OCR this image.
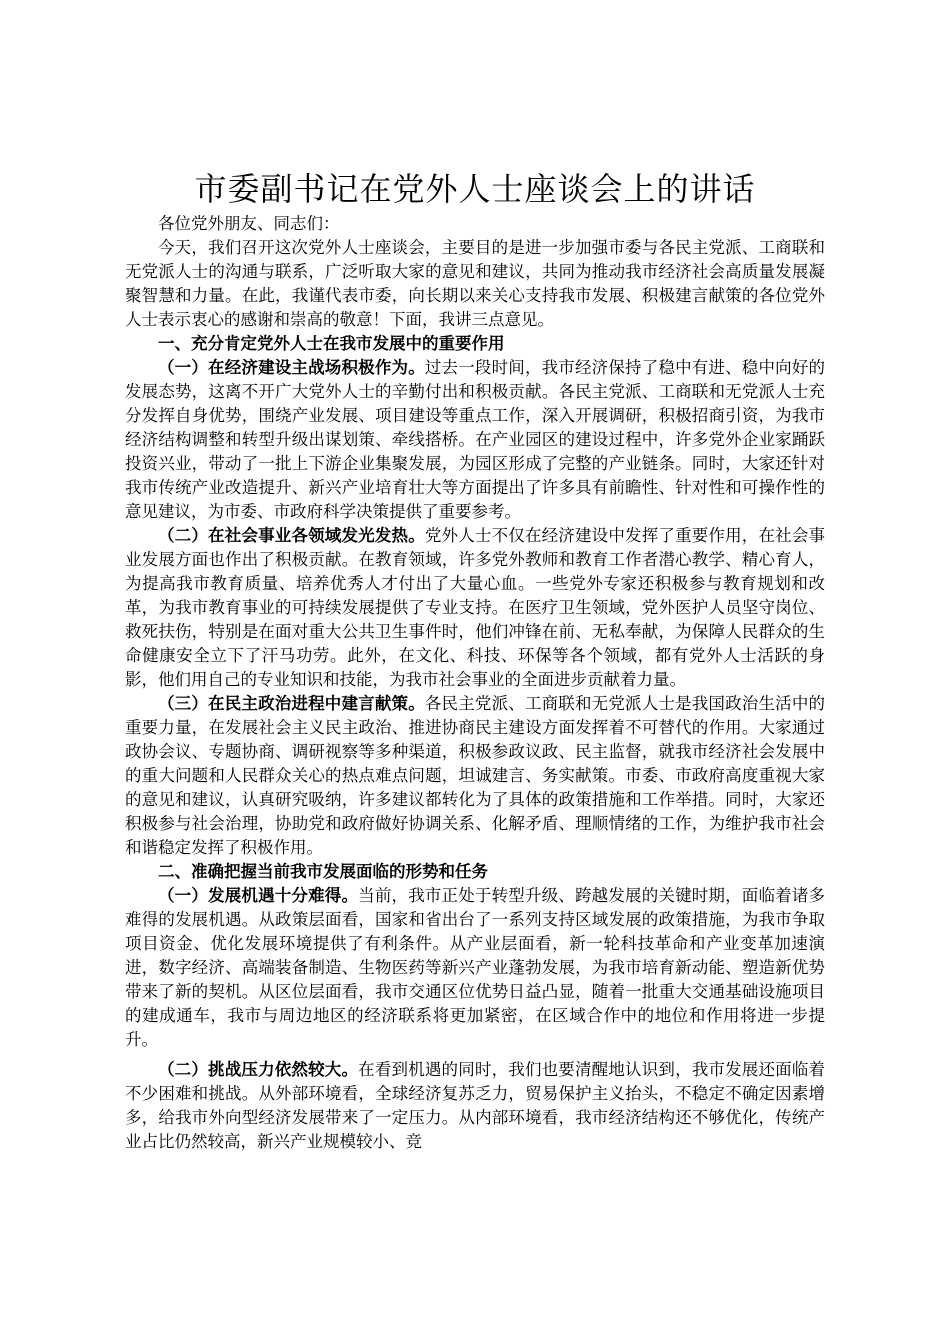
市委副书记在党外人士座谈会上的讲话

各位党外朋友、同志们：

今天，我们召开这次党外人士座谈会，主要目的是进一步加强市委与各民主党派、工商联和无党派人士的沟通与联系，广泛听取大家的意见和建议，共同为推动我市经济社会高质量发展凝聚智慧和力量。在此，我谨代表市委，向长期以来关心支持我市发展、积极建言献策的各位党外人士表示衷心的感谢和崇高的敬意！下面，我讲三点意见。

一、充分肯定党外人士在我市发展中的重要作用

（一）在经济建设主战场积极作为。过去一段时间，我市经济保持了稳中有进、稳中向好的发展态势，这离不开广大党外人士的辛勤付出和积极贡献。各民主党派、工商联和无党派人士充分发挥自身优势，围绕产业发展、项目建设等重点工作，深入开展调研，积极招商引资，为我市经济结构调整和转型升级出谋划策、牵线搭桥。在产业园区的建设过程中，许多党外企业家踊跃投资兴业，带动了一批上下游企业集聚发展，为园区形成了完整的产业链条。同时，大家还针对我市传统产业改造提升、新兴产业培育壮大等方面提出了许多具有前瞻性、针对性和可操作性的意见建议，为市委、市政府科学决策提供了重要参考。

（二）在社会事业各领域发光发热。党外人士不仅在经济建设中发挥了重要作用，在社会事业发展方面也作出了积极贡献。在教育领域，许多党外教师和教育工作者潜心教学、精心育人，为提高我市教育质量、培养优秀人才付出了大量心血。一些党外专家还积极参与教育规划和改革，为我市教育事业的可持续发展提供了专业支持。在医疗卫生领域，党外医护人员坚守岗位、救死扶伤，特别是在面对重大公共卫生事件时，他们冲锋在前、无私奉献，为保障人民群众的生命健康安全立下了汗马功劳。此外，在文化、科技、环保等各个领域，都有党外人士活跃的身影，他们用自己的专业知识和技能，为我市社会事业的全面进步贡献着力量。

（三）在民主政治进程中建言献策。各民主党派、工商联和无党派人士是我国政治生活中的重要力量，在发展社会主义民主政治、推进协商民主建设方面发挥着不可替代的作用。大家通过政协会议、专题协商、调研视察等多种渠道，积极参政议政、民主监督，就我市经济社会发展中的重大问题和人民群众关心的热点难点问题，坦诚建言、务实献策。市委、市政府高度重视大家的意见和建议，认真研究吸纳，许多建议都转化为了具体的政策措施和工作举措。同时，大家还积极参与社会治理，协助党和政府做好协调关系、化解矛盾、理顺情绪的工作，为维护我市社会和谐稳定发挥了积极作用。

二、准确把握当前我市发展面临的形势和任务

（一）发展机遇十分难得。当前，我市正处于转型升级、跨越发展的关键时期，面临着诸多难得的发展机遇。从政策层面看，国家和省出台了一系列支持区域发展的政策措施，为我市争取项目资金、优化发展环境提供了有利条件。从产业层面看，新一轮科技革命和产业变革加速演进，数字经济、高端装备制造、生物医药等新兴产业蓬勃发展，为我市培育新动能、塑造新优势带来了新的契机。从区位层面看，我市交通区位优势日益凸显，随着一批重大交通基础设施项目的建成通车，我市与周边地区的经济联系将更加紧密，在区域合作中的地位和作用将进一步提升。

（二）挑战压力依然较大。在看到机遇的同时，我们也要清醒地认识到，我市发展还面临着不少困难和挑战。从外部环境看，全球经济复苏乏力，贸易保护主义抬头，不稳定不确定因素增多，给我市外向型经济发展带来了一定压力。从内部环境看，我市经济结构还不够优化，传统产业占比仍然较高，新兴产业规模较小、竞
